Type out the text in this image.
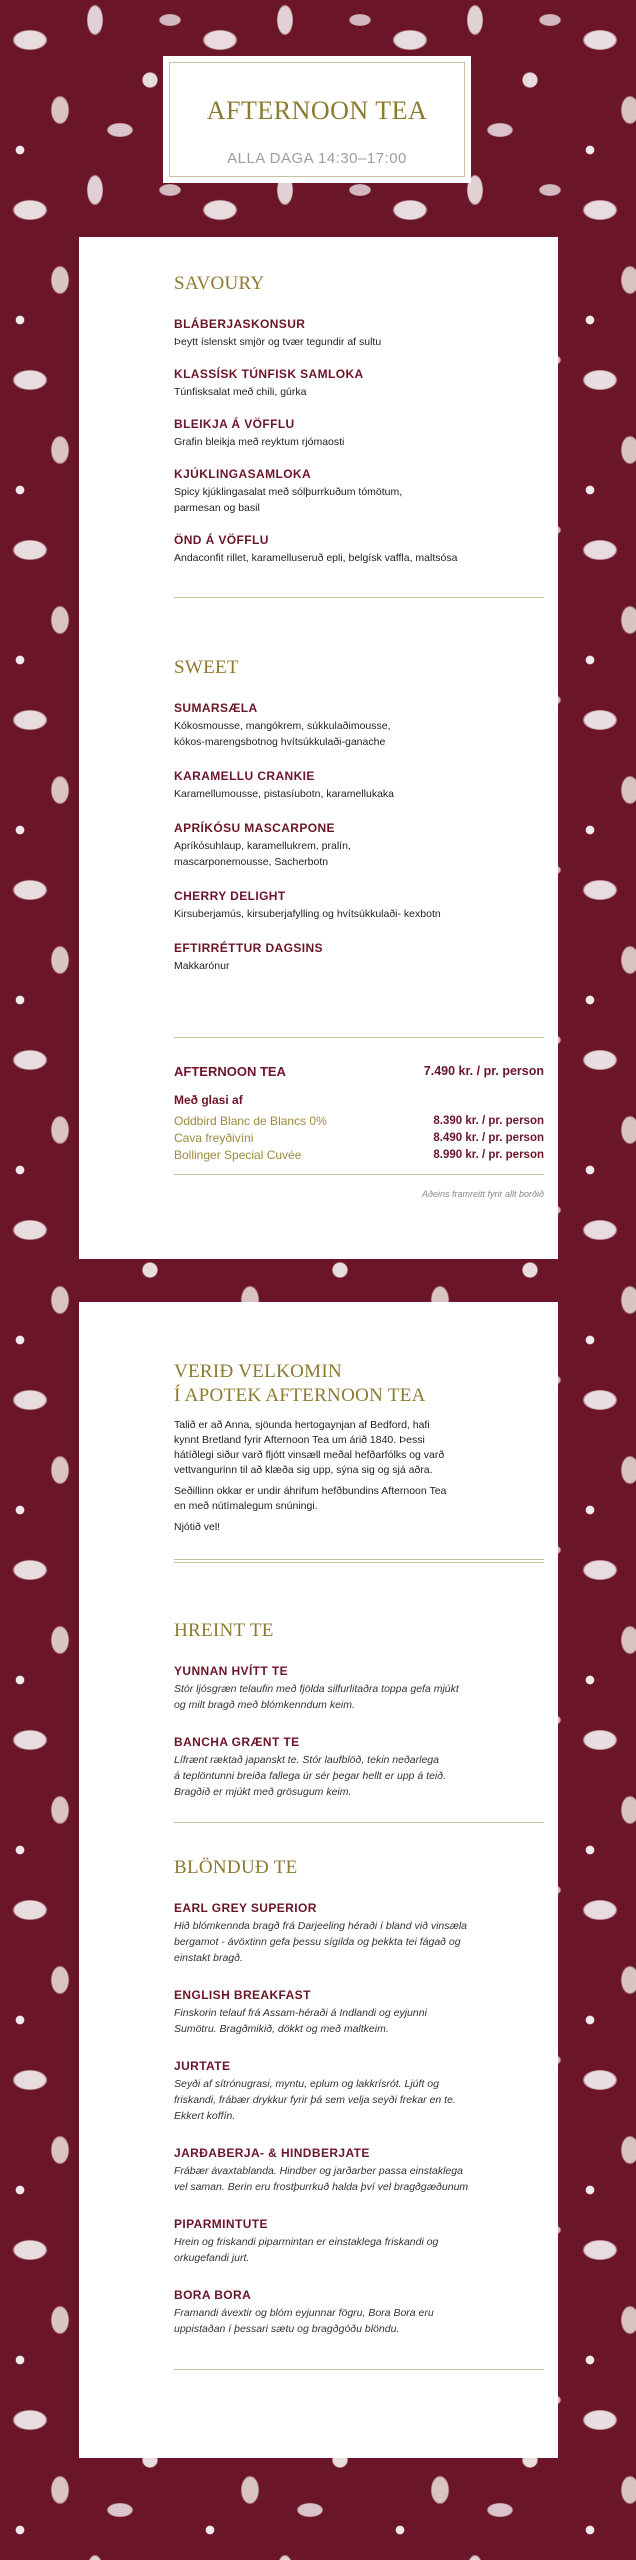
AFTERNOON TEA
ALLA DAGA 14:30–17:00
SAVOURY
BLÁBERJASKONSUR
Þeytt íslenskt smjör og tvær tegundir af sultu
KLASSÍSK TÚNFISK SAMLOKA
Túnfisksalat með chili, gúrka
BLEIKJA Á VÖFFLU
Grafin bleikja með reyktum rjómaosti
KJÚKLINGASAMLOKA
Spicy kjúklingasalat með sólþurrkuðum tómötum,
parmesan og basil
ÖND Á VÖFFLU
Andaconfit rillet, karamelluseruð epli, belgísk vaffla, maltsósa
SWEET
SUMARSÆLA
Kókosmousse, mangókrem, súkkulaðimousse,
kókos-marengsbotnog hvítsúkkulaði-ganache
KARAMELLU CRANKIE
Karamellumousse, pistasíubotn, karamellukaka
APRÍKÓSU MASCARPONE
Apríkósuhlaup, karamellukrem, pralín,
mascarponemousse, Sacherbotn
CHERRY DELIGHT
Kirsuberjamús, kirsuberjafylling og hvítsúkkulaði- kexbotn
EFTIRRÉTTUR DAGSINS
Makkarónur
AFTERNOON TEA	7.490 kr. / pr. person
Með glasi af
Oddbird Blanc de Blancs 0%	8.390 kr. / pr. person
Cava freyðivíni	8.490 kr. / pr. person
Bollinger Special Cuvée	8.990 kr. / pr. person
Aðeins framreitt fyrir allt borðið
VERIÐ VELKOMIN
Í APOTEK AFTERNOON TEA
Talið er að Anna, sjöunda hertogaynjan af Bedford, hafi
kynnt Bretland fyrir Afternoon Tea um árið 1840. Þessi
hátíðlegi siður varð fljótt vinsæll meðal hefðarfólks og varð
vettvangurinn til að klæða sig upp, sýna sig og sjá aðra.
Seðillinn okkar er undir áhrifum hefðbundins Afternoon Tea
en með nútímalegum snúningi.
Njótið vel!
HREINT TE
YUNNAN HVÍTT TE
Stór ljósgræn telaufin með fjölda silfurlitaðra toppa gefa mjúkt
og milt bragð með blómkenndum keim.
BANCHA GRÆNT TE
Lífrænt ræktað japanskt te. Stór laufblöð, tekin neðarlega
á teplöntunni breiða fallega úr sér þegar hellt er upp á teið.
Bragðið er mjúkt með grösugum keim.
BLÖNDUÐ TE
EARL GREY SUPERIOR
Hið blómkennda bragð frá Darjeeling héraði í bland við vinsæla
bergamot - ávöxtinn gefa þessu sígilda og þekkta tei fágað og
einstakt bragð.
ENGLISH BREAKFAST
Finskorin telauf frá Assam-héraði á Indlandi og eyjunni
Sumötru. Bragðmikið, dökkt og með maltkeim.
JURTATE
Seyði af sítrónugrasi, myntu, eplum og lakkrísrót. Ljúft og
friskandi, frábær drykkur fyrir þá sem velja seyði frekar en te.
Ekkert koffín.
JARÐABERJA- & HINDBERJATE
Frábær ávaxtablanda. Hindber og jarðarber passa einstaklega
vel saman. Berin eru frostþurrkuð halda því vel bragðgæðunum
PIPARMINTUTE
Hrein og friskandi piparmintan er einstaklega friskandi og
orkugefandi jurt.
BORA BORA
Framandi ávextir og blóm eyjunnar fögru, Bora Bora eru
uppistaðan í þessari sætu og bragðgóðu blöndu.
